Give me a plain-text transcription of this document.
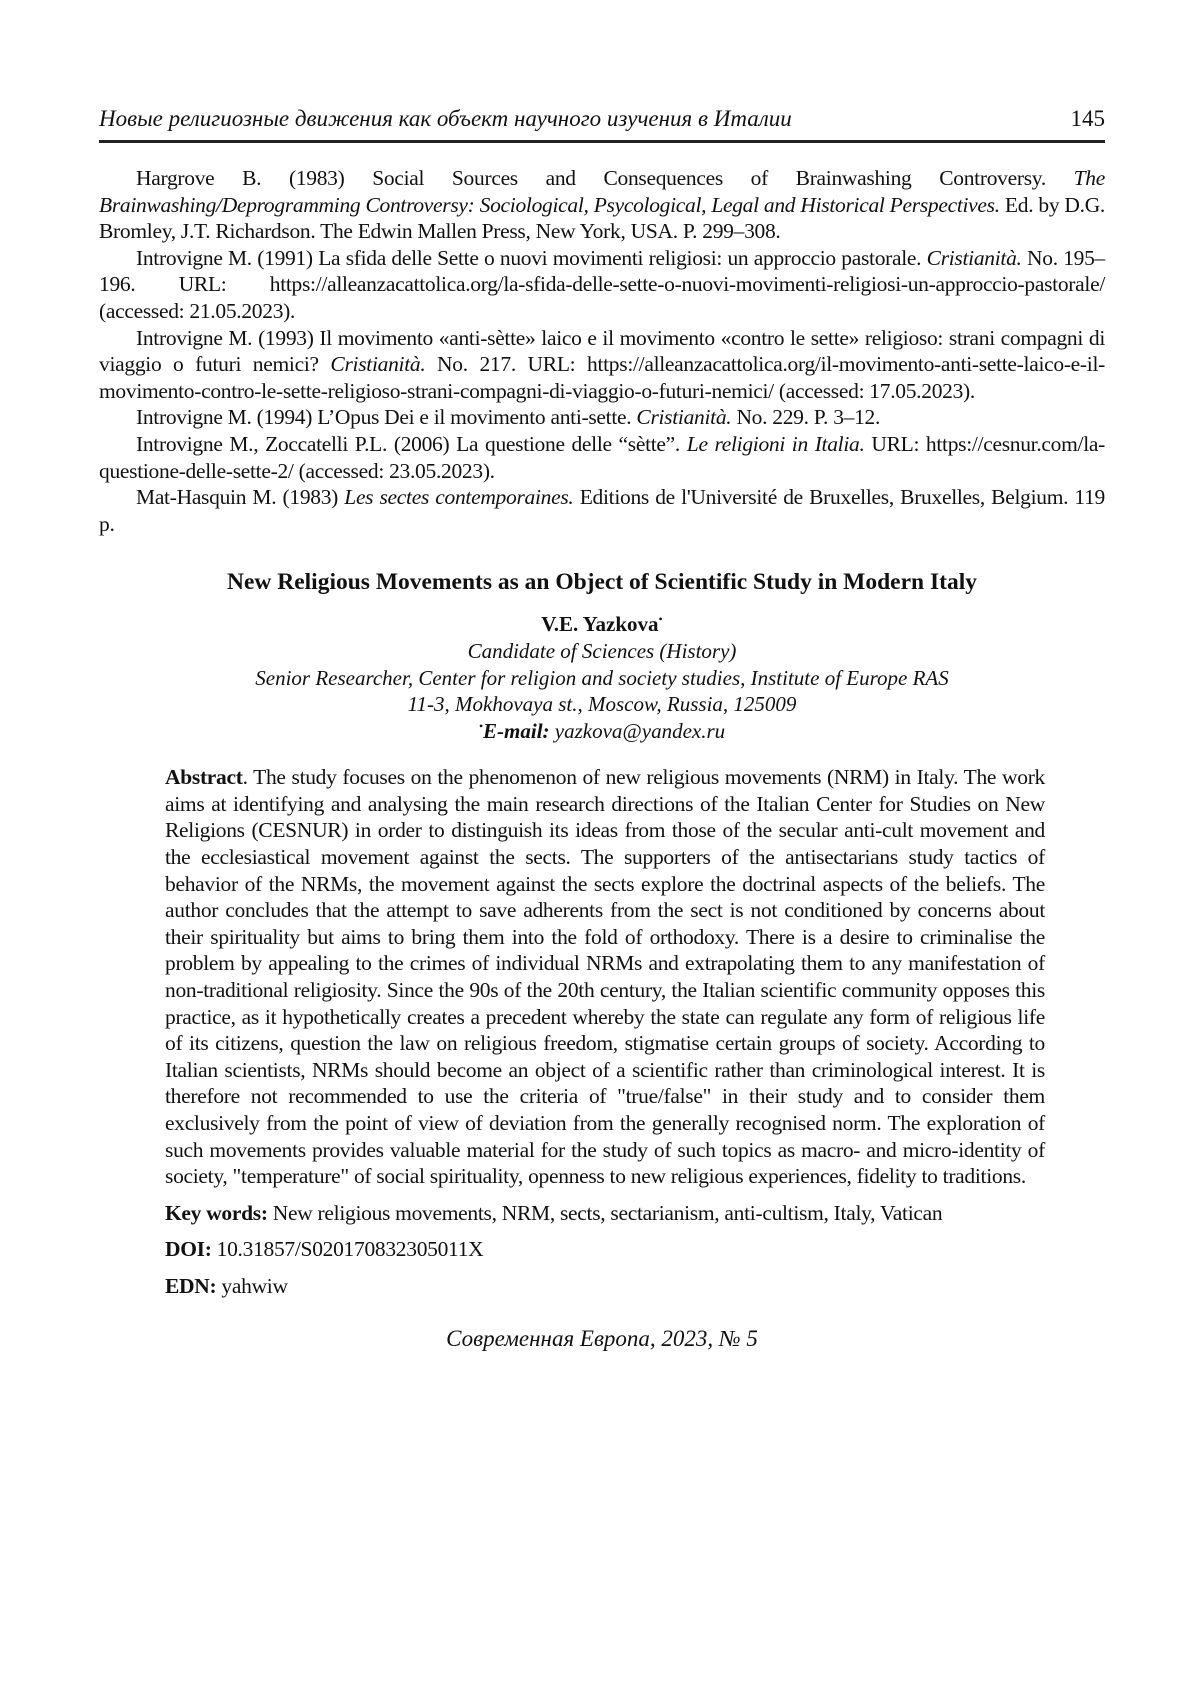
Новые религиозные движения как объект научного изучения в Италии	145

Hargrove B. (1983) Social Sources and Consequences of Brainwashing Controversy. The Brainwashing/Deprogramming Controversy: Sociological, Psycological, Legal and Historical Perspectives. Ed. by D.G. Bromley, J.T. Richardson. The Edwin Mallen Press, New York, USA. P. 299–308.

Introvigne M. (1991) La sfida delle Sette o nuovi movimenti religiosi: un approccio pastorale. Cristianità. No. 195–196. URL: https://alleanzacattolica.org/la-sfida-delle-sette-o-nuovi-movimenti-religiosi-un-approccio-pastorale/ (accessed: 21.05.2023).

Introvigne M. (1993) Il movimento «anti-sètte» laico e il movimento «contro le sette» religioso: strani compagni di viaggio o futuri nemici? Cristianità. No. 217. URL: https://alleanzacattolica.org/il-movimento-anti-sette-laico-e-il-movimento-contro-le-sette-religioso-strani-compagni-di-viaggio-o-futuri-nemici/ (accessed: 17.05.2023).

Introvigne M. (1994) L’Opus Dei e il movimento anti-sette. Cristianità. No. 229. P. 3–12.

Introvigne M., Zoccatelli P.L. (2006) La questione delle “sètte”. Le religioni in Italia. URL: https://cesnur.com/la-questione-delle-sette-2/ (accessed: 23.05.2023).

Mat-Hasquin M. (1983) Les sectes contemporaines. Editions de l'Université de Bruxelles, Bruxelles, Belgium. 119 p.

New Religious Movements as an Object of Scientific Study in Modern Italy
V.E. Yazkova•
Candidate of Sciences (History)
Senior Researcher, Center for religion and society studies, Institute of Europe RAS
11-3, Mokhovaya st., Moscow, Russia, 125009
•E-mail: yazkova@yandex.ru

Abstract. The study focuses on the phenomenon of new religious movements (NRM) in Italy. The work aims at identifying and analysing the main research directions of the Italian Center for Studies on New Religions (CESNUR) in order to distinguish its ideas from those of the secular anti-cult movement and the ecclesiastical movement against the sects. The supporters of the antisectarians study tactics of behavior of the NRMs, the movement against the sects explore the doctrinal aspects of the beliefs. The author concludes that the attempt to save adherents from the sect is not conditioned by concerns about their spirituality but aims to bring them into the fold of orthodoxy. There is a desire to criminalise the problem by appealing to the crimes of individual NRMs and extrapolating them to any manifestation of non-traditional religiosity. Since the 90s of the 20th century, the Italian scientific community opposes this practice, as it hypothetically creates a precedent whereby the state can regulate any form of religious life of its citizens, question the law on religious freedom, stigmatise certain groups of society. According to Italian scientists, NRMs should become an object of a scientific rather than criminological interest. It is therefore not recommended to use the criteria of "true/false" in their study and to consider them exclusively from the point of view of deviation from the generally recognised norm. The exploration of such movements provides valuable material for the study of such topics as macro- and micro-identity of society, "temperature" of social spirituality, openness to new religious experiences, fidelity to traditions.

Key words: New religious movements, NRM, sects, sectarianism, anti-cultism, Italy, Vatican

DOI: 10.31857/S020170832305011X

EDN: yahwiw

Современная Европа, 2023, № 5
